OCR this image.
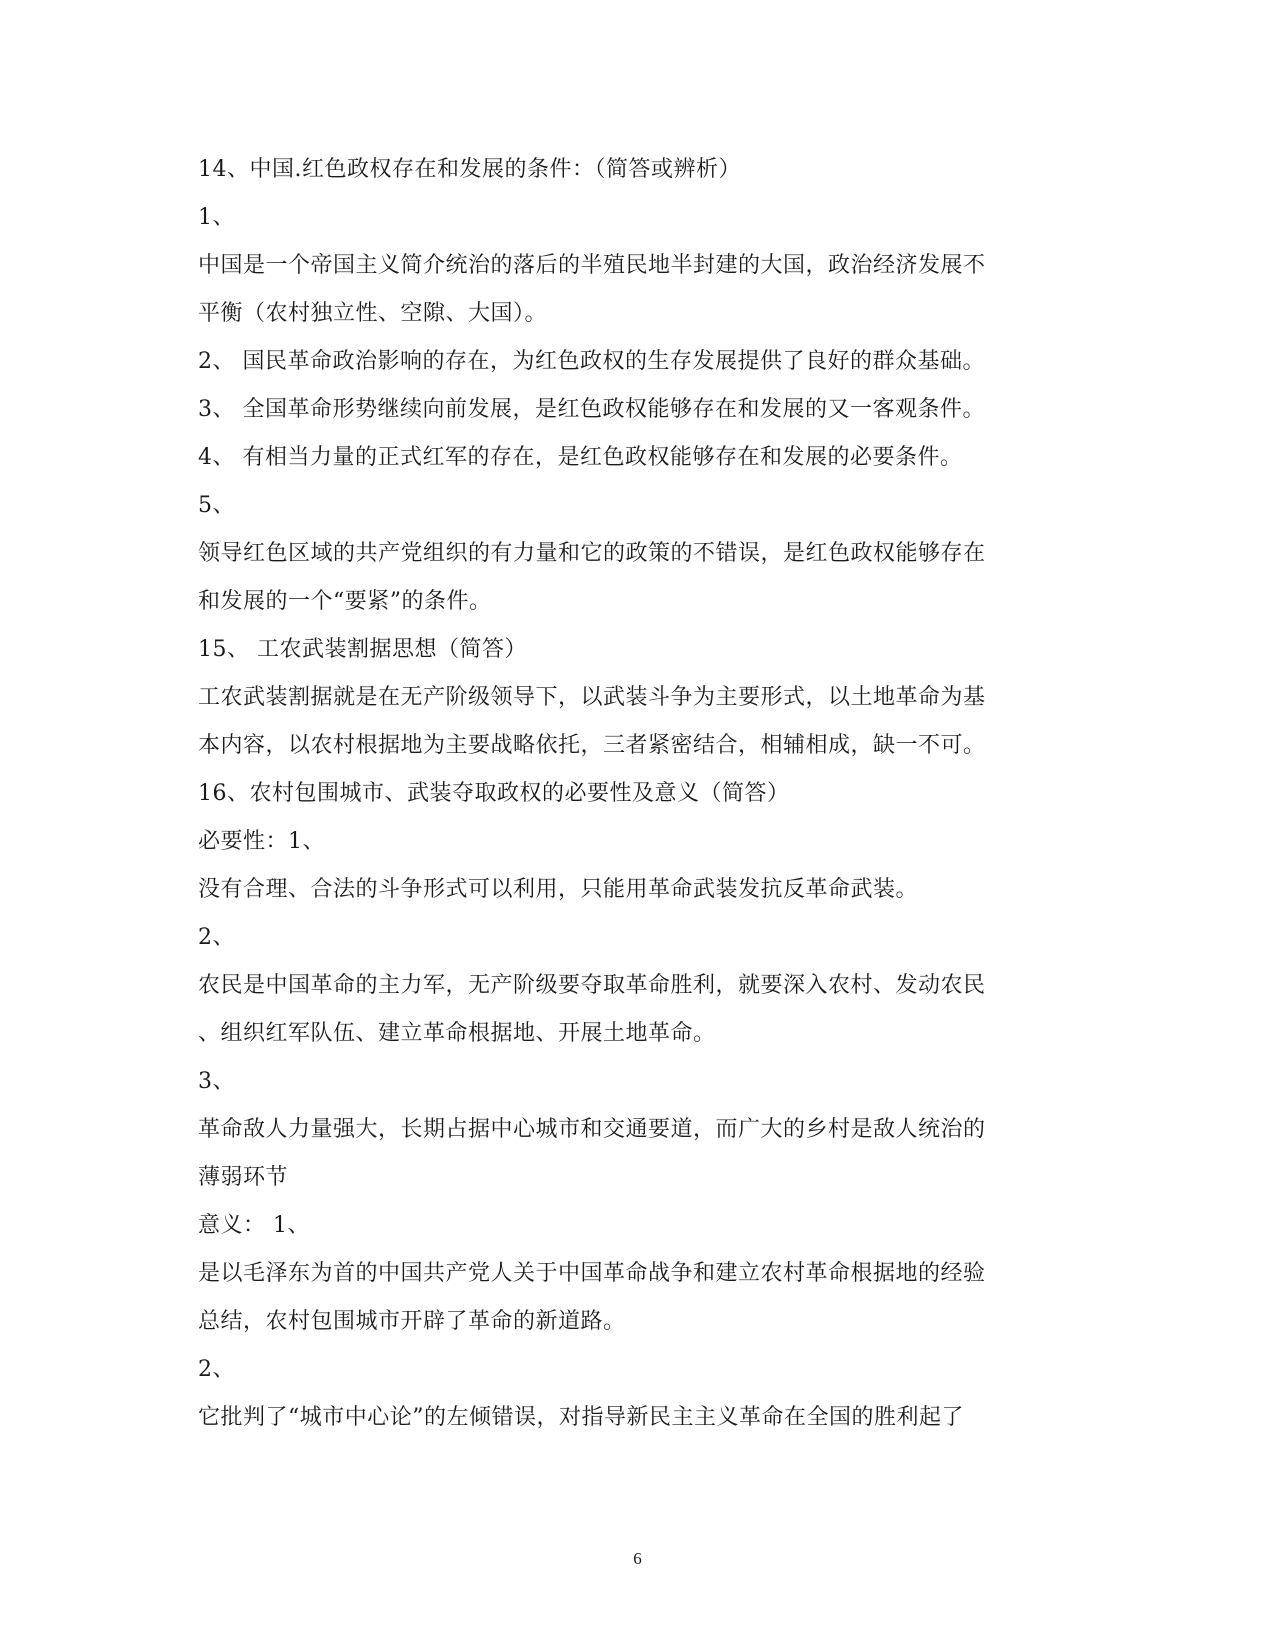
14、中国.红色政权存在和发展的条件：（简答或辨析）
1、
中国是一个帝国主义简介统治的落后的半殖民地半封建的大国，政治经济发展不
平衡（农村独立性、空隙、大国）。
2、 国民革命政治影响的存在，为红色政权的生存发展提供了良好的群众基础。
3、 全国革命形势继续向前发展，是红色政权能够存在和发展的又一客观条件。
4、 有相当力量的正式红军的存在，是红色政权能够存在和发展的必要条件。
5、
领导红色区域的共产党组织的有力量和它的政策的不错误，是红色政权能够存在
和发展的一个“要紧”的条件。
15、 工农武装割据思想（简答）
工农武装割据就是在无产阶级领导下，以武装斗争为主要形式，以土地革命为基
本内容，以农村根据地为主要战略依托，三者紧密结合，相辅相成，缺一不可。
16、农村包围城市、武装夺取政权的必要性及意义（简答）
必要性：1、
没有合理、合法的斗争形式可以利用，只能用革命武装发抗反革命武装。
2、
农民是中国革命的主力军，无产阶级要夺取革命胜利，就要深入农村、发动农民
、组织红军队伍、建立革命根据地、开展土地革命。
3、
革命敌人力量强大，长期占据中心城市和交通要道，而广大的乡村是敌人统治的
薄弱环节
意义： 1、
是以毛泽东为首的中国共产党人关于中国革命战争和建立农村革命根据地的经验
总结，农村包围城市开辟了革命的新道路。
2、
它批判了“城市中心论”的左倾错误，对指导新民主主义革命在全国的胜利起了
6
